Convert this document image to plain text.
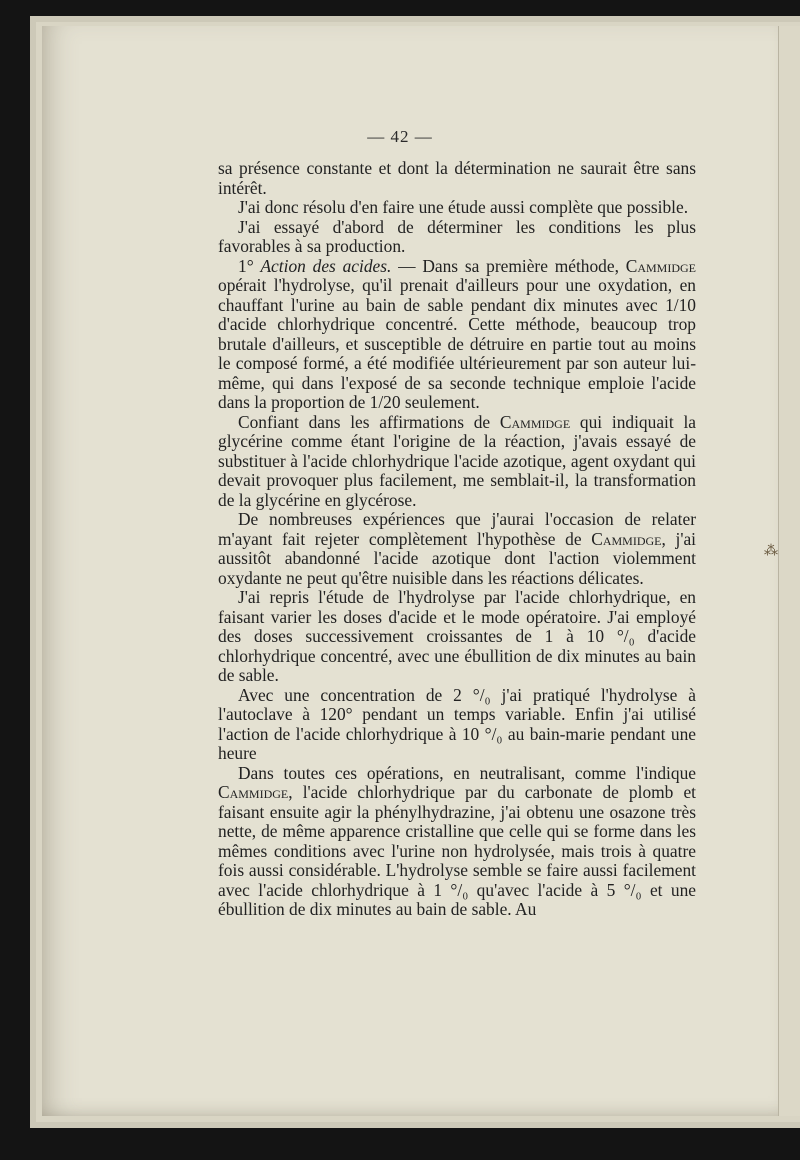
— 42 —

sa présence constante et dont la détermination ne saurait être sans intérêt.

J'ai donc résolu d'en faire une étude aussi complète que possible.

J'ai essayé d'abord de déterminer les conditions les plus favorables à sa production.

1° Action des acides. — Dans sa première méthode, Cammidge opérait l'hydrolyse, qu'il prenait d'ailleurs pour une oxydation, en chauffant l'urine au bain de sable pendant dix minutes avec 1/10 d'acide chlorhydrique concentré. Cette méthode, beaucoup trop brutale d'ailleurs, et susceptible de détruire en partie tout au moins le composé formé, a été modifiée ultérieurement par son auteur lui-même, qui dans l'exposé de sa seconde technique emploie l'acide dans la proportion de 1/20 seulement.

Confiant dans les affirmations de Cammidge qui indiquait la glycérine comme étant l'origine de la réaction, j'avais essayé de substituer à l'acide chlorhydrique l'acide azotique, agent oxydant qui devait provoquer plus facilement, me semblait-il, la transformation de la glycérine en glycérose.

De nombreuses expériences que j'aurai l'occasion de relater m'ayant fait rejeter complètement l'hypothèse de Cammidge, j'ai aussitôt abandonné l'acide azotique dont l'action violemment oxydante ne peut qu'être nuisible dans les réactions délicates.

J'ai repris l'étude de l'hydrolyse par l'acide chlorhydrique, en faisant varier les doses d'acide et le mode opératoire. J'ai employé des doses successivement croissantes de 1 à 10 °/₀ d'acide chlorhydrique concentré, avec une ébullition de dix minutes au bain de sable.

Avec une concentration de 2 °/₀ j'ai pratiqué l'hydrolyse à l'autoclave à 120° pendant un temps variable. Enfin j'ai utilisé l'action de l'acide chlorhydrique à 10 °/₀ au bain-marie pendant une heure

Dans toutes ces opérations, en neutralisant, comme l'indique Cammidge, l'acide chlorhydrique par du carbonate de plomb et faisant ensuite agir la phénylhydrazine, j'ai obtenu une osazone très nette, de même apparence cristalline que celle qui se forme dans les mêmes conditions avec l'urine non hydrolysée, mais trois à quatre fois aussi considérable. L'hydrolyse semble se faire aussi facilement avec l'acide chlorhydrique à 1 °/₀ qu'avec l'acide à 5 °/₀ et une ébullition de dix minutes au bain de sable. Au

⁂
